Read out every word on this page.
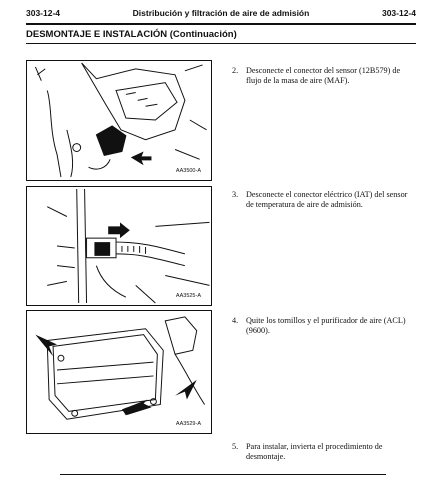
303-12-4	Distribución y filtración de aire de admisión	303-12-4
DESMONTAJE E INSTALACIÓN (Continuación)
AA3500-A
AA3525-A
AA3529-A
2. Desconecte el conector del sensor (12B579) de flujo de la masa de aire (MAF).
3. Desconecte el conector eléctrico (IAT) del sensor de temperatura de aire de admisión.
4. Quite los tornillos y el purificador de aire (ACL) (9600).
5. Para instalar, invierta el procedimiento de desmontaje.
